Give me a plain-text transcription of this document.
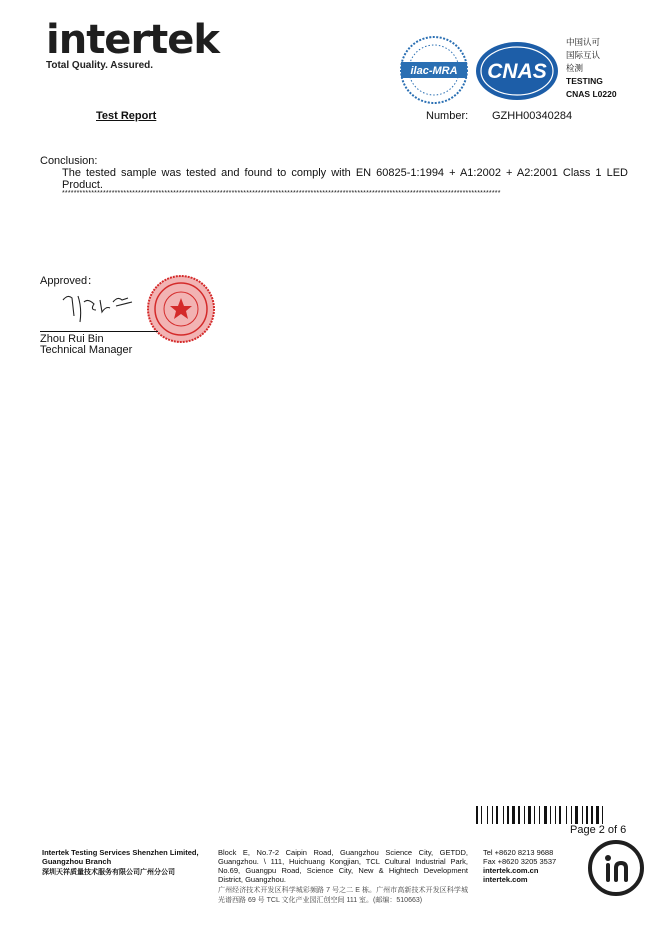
intertek
Total Quality. Assured.	ilac-MRA CNAS
中国认可
国际互认
检测
TESTING
CNAS L0220
Test Report	Number: GZHH00340284
Conclusion:
The tested sample was tested and found to comply with EN 60825-1:1994 + A1:2002 + A2:2001 Class 1 LED Product.
******************************************************************************************************************************************************
Approved：
Zhou Rui Bin
Technical Manager
Page 2 of 6
Intertek Testing Services Shenzhen Limited, Guangzhou Branch
深圳天祥质量技术服务有限公司广州分公司
Block E, No.7-2 Caipin Road, Guangzhou Science City, GETDD, Guangzhou. \ 111, Huichuang Kongjian, TCL Cultural Industrial Park, No.69, Guangpu Road, Science City, New & Hightech Development District, Guangzhou.
广州经济技术开发区科学城彩频路 7 号之二 E 栋。广州市高新技术开发区科学城光谱西路 69 号 TCL 文化产业园汇创空间 111 室。(邮编：510663)
Tel +8620 8213 9688
Fax +8620 3205 3537
intertek.com.cn
intertek.com
